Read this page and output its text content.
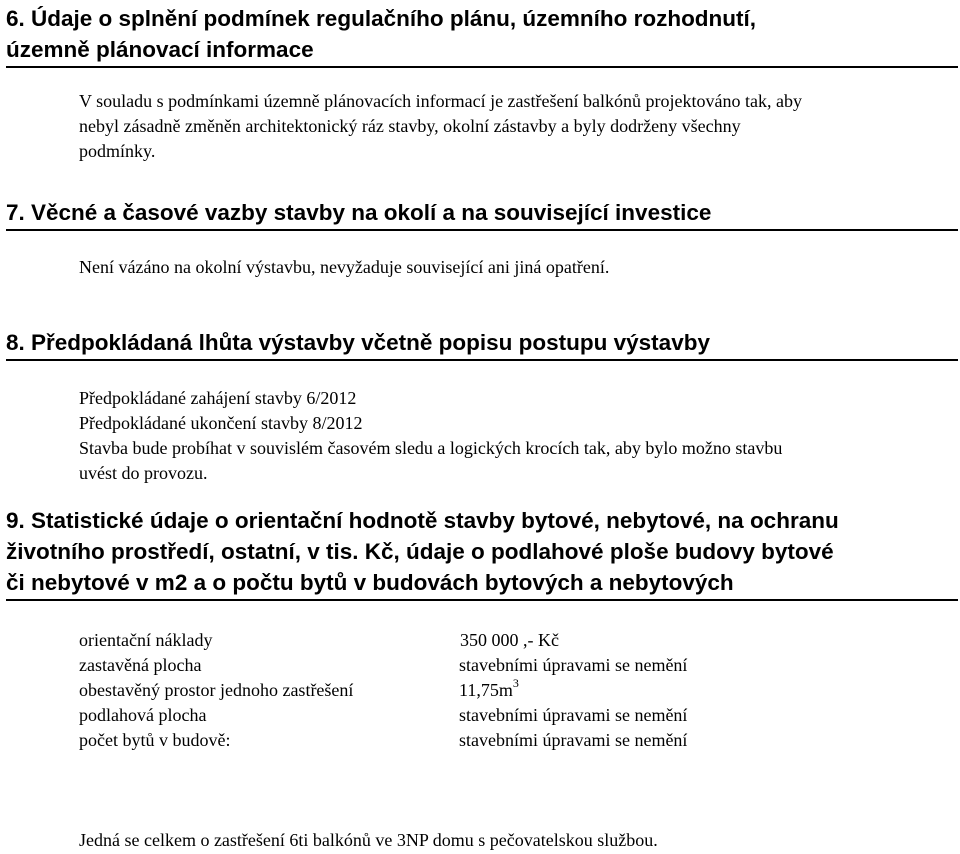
6. Údaje o splnění podmínek regulačního plánu, územního rozhodnutí,
územně plánovací informace

V souladu s podmínkami územně plánovacích informací je zastřešení balkónů projektováno tak, aby
nebyl zásadně změněn architektonický ráz stavby, okolní zástavby a byly dodrženy všechny
podmínky.

7. Věcné a časové vazby stavby na okolí a na související investice

Není vázáno na okolní výstavbu, nevyžaduje související ani jiná opatření.

8. Předpokládaná lhůta výstavby včetně popisu postupu výstavby

Předpokládané zahájení stavby 6/2012
Předpokládané ukončení stavby 8/2012
Stavba bude probíhat v souvislém časovém sledu a logických krocích tak, aby bylo možno stavbu
uvést do provozu.

9. Statistické údaje o orientační hodnotě stavby bytové, nebytové, na ochranu
životního prostředí, ostatní, v tis. Kč, údaje o podlahové ploše budovy bytové
či nebytové v m2 a o počtu bytů v budovách bytových a nebytových
orientační náklady	350 000 ,- Kč
zastavěná plocha	stavebními úpravami se nemění
obestavěný prostor jednoho zastřešení	$11,75m^3$
podlahová plocha	stavebními úpravami se nemění
počet bytů v budově:	stavebními úpravami se nemění

Jedná se celkem o zastřešení 6ti balkónů ve 3NP domu s pečovatelskou službou.
